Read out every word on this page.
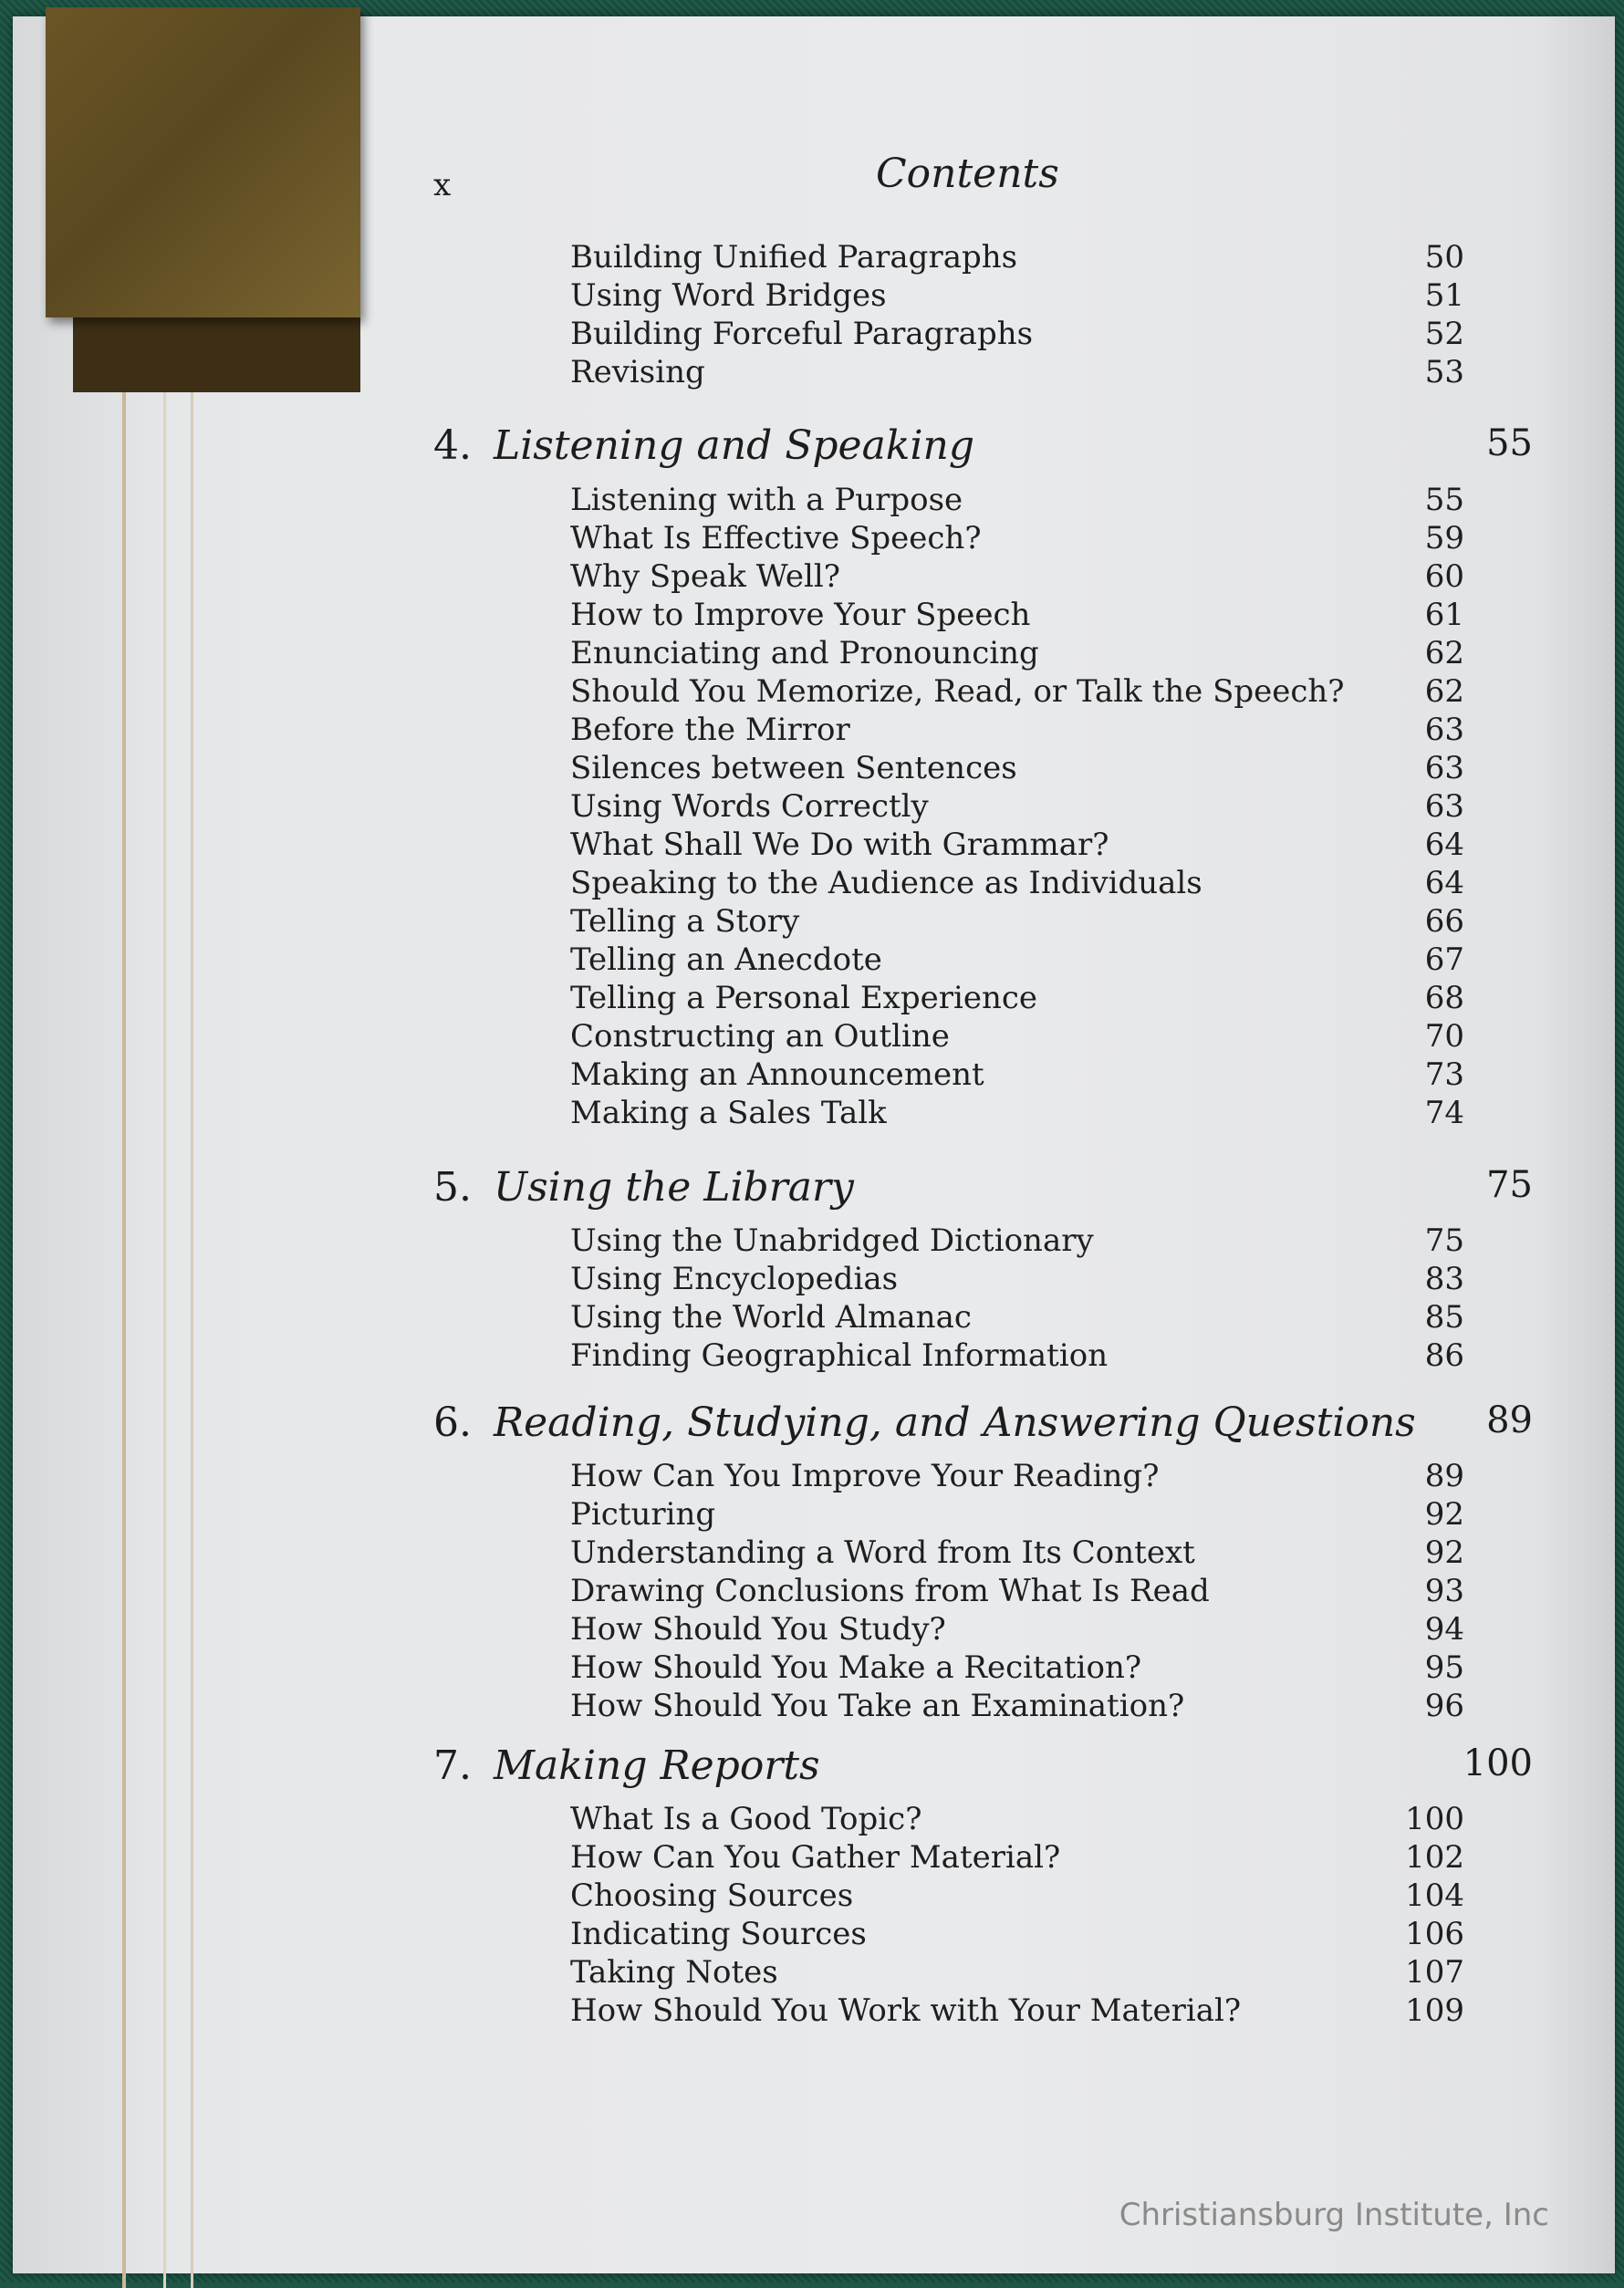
x	Contents
Building Unified Paragraphs	50
Using Word Bridges	51
Building Forceful Paragraphs	52
Revising	53
4. Listening and Speaking	55
Listening with a Purpose	55
What Is Effective Speech?	59
Why Speak Well?	60
How to Improve Your Speech	61
Enunciating and Pronouncing	62
Should You Memorize, Read, or Talk the Speech?	62
Before the Mirror	63
Silences between Sentences	63
Using Words Correctly	63
What Shall We Do with Grammar?	64
Speaking to the Audience as Individuals	64
Telling a Story	66
Telling an Anecdote	67
Telling a Personal Experience	68
Constructing an Outline	70
Making an Announcement	73
Making a Sales Talk	74
5. Using the Library	75
Using the Unabridged Dictionary	75
Using Encyclopedias	83
Using the World Almanac	85
Finding Geographical Information	86
6. Reading, Studying, and Answering Questions 89
How Can You Improve Your Reading?	89
Picturing	92
Understanding a Word from Its Context	92
Drawing Conclusions from What Is Read	93
How Should You Study?	94
How Should You Make a Recitation?	95
How Should You Take an Examination?	96
7. Making Reports	100
What Is a Good Topic?	100
How Can You Gather Material?	102
Choosing Sources	104
Indicating Sources	106
Taking Notes	107
How Should You Work with Your Material?	109
Christiansburg Institute, Inc
